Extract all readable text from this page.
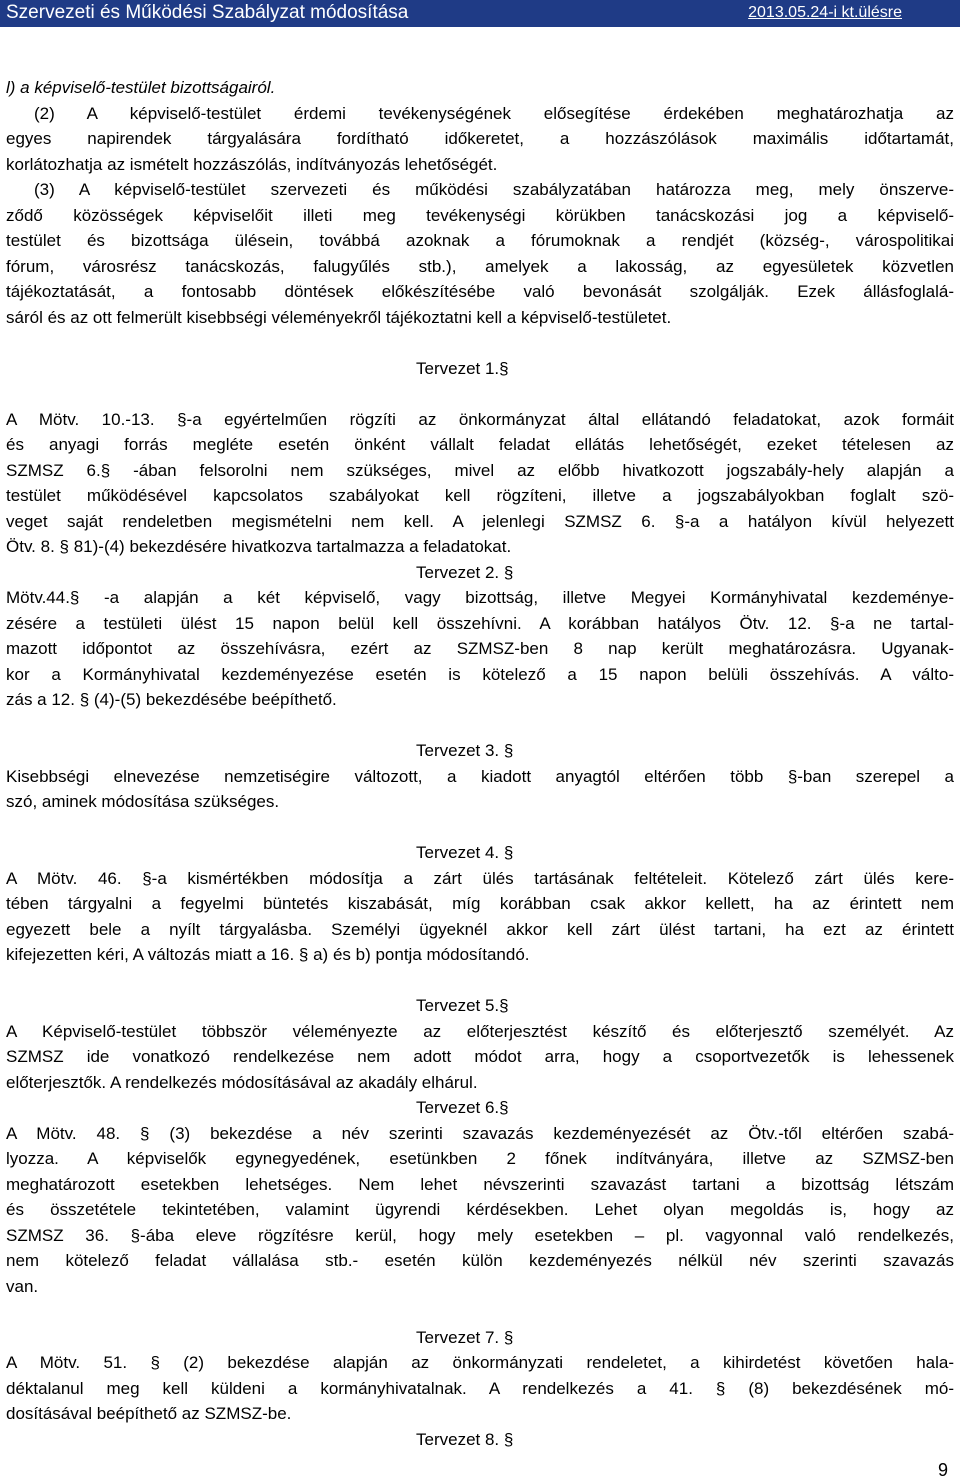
Szervezeti és Működési Szabályzat módosítása	2013.05.24-i kt.ülésre
l) a képviselő-testület bizottságairól.
(2) A képviselő-testület érdemi tevékenységének elősegítése érdekében meghatározhatja az
egyes napirendek tárgyalására fordítható időkeretet, a hozzászólások maximális időtartamát,
korlátozhatja az ismételt hozzászólás, indítványozás lehetőségét.
(3) A képviselő-testület szervezeti és működési szabályzatában határozza meg, mely önszerve-
ződő közösségek képviselőit illeti meg tevékenységi körükben tanácskozási jog a képviselő-
testület és bizottsága ülésein, továbbá azoknak a fórumoknak a rendjét (község-, várospolitikai
fórum, városrész tanácskozás, falugyűlés stb.), amelyek a lakosság, az egyesületek közvetlen
tájékoztatását, a fontosabb döntések előkészítésébe való bevonását szolgálják. Ezek állásfoglalá-
sáról és az ott felmerült kisebbségi véleményekről tájékoztatni kell a képviselő-testületet.
Tervezet 1.§
A Mötv. 10.-13. §-a egyértelműen rögzíti az önkormányzat által ellátandó feladatokat, azok formáit
és anyagi forrás megléte esetén önként vállalt feladat ellátás lehetőségét, ezeket tételesen az
SZMSZ 6.§ -ában felsorolni nem szükséges, mivel az előbb hivatkozott jogszabály-hely alapján a
testület működésével kapcsolatos szabályokat kell rögzíteni, illetve a jogszabályokban foglalt szö-
veget saját rendeletben megismételni nem kell. A jelenlegi SZMSZ 6. §-a a hatályon kívül helyezett
Ötv. 8. § 81)-(4) bekezdésére hivatkozva tartalmazza a feladatokat.
Tervezet 2. §
Mötv.44.§ -a alapján a két képviselő, vagy bizottság, illetve Megyei Kormányhivatal kezdeménye-
zésére a testületi ülést 15 napon belül kell összehívni. A korábban hatályos Ötv. 12. §-a ne tartal-
mazott időpontot az összehívásra, ezért az SZMSZ-ben 8 nap került meghatározásra. Ugyanak-
kor a Kormányhivatal kezdeményezése esetén is kötelező a 15 napon belüli összehívás. A válto-
zás a 12. § (4)-(5) bekezdésébe beépíthető.
Tervezet 3. §
Kisebbségi elnevezése nemzetiségire változott, a kiadott anyagtól eltérően több §-ban szerepel a
szó, aminek módosítása szükséges.
Tervezet 4. §
A Mötv. 46. §-a kismértékben módosítja a zárt ülés tartásának feltételeit. Kötelező zárt ülés kere-
tében tárgyalni a fegyelmi büntetés kiszabását, míg korábban csak akkor kellett, ha az érintett nem
egyezett bele a nyílt tárgyalásba. Személyi ügyeknél akkor kell zárt ülést tartani, ha ezt az érintett
kifejezetten kéri, A változás miatt a 16. § a) és b) pontja módosítandó.
Tervezet 5.§
A Képviselő-testület többször véleményezte az előterjesztést készítő és előterjesztő személyét. Az
SZMSZ ide vonatkozó rendelkezése nem adott módot arra, hogy a csoportvezetők is lehessenek
előterjesztők. A rendelkezés módosításával az akadály elhárul.
Tervezet 6.§
A Mötv. 48. § (3) bekezdése a név szerinti szavazás kezdeményezését az Ötv.-től eltérően szabá-
lyozza. A képviselők egynegyedének, esetünkben 2 főnek indítványára, illetve az SZMSZ-ben
meghatározott esetekben lehetséges. Nem lehet névszerinti szavazást tartani a bizottság létszám
és összetétele tekintetében, valamint ügyrendi kérdésekben. Lehet olyan megoldás is, hogy az
SZMSZ 36. §-ába eleve rögzítésre kerül, hogy mely esetekben – pl. vagyonnal való rendelkezés,
nem kötelező feladat vállalása stb.- esetén külön kezdeményezés nélkül név szerinti szavazás
van.
Tervezet 7. §
A Mötv. 51. § (2) bekezdése alapján az önkormányzati rendeletet, a kihirdetést követően hala-
déktalanul meg kell küldeni a kormányhivatalnak. A rendelkezés a 41. § (8) bekezdésének mó-
dosításával beépíthető az SZMSZ-be.
Tervezet 8. §
9
